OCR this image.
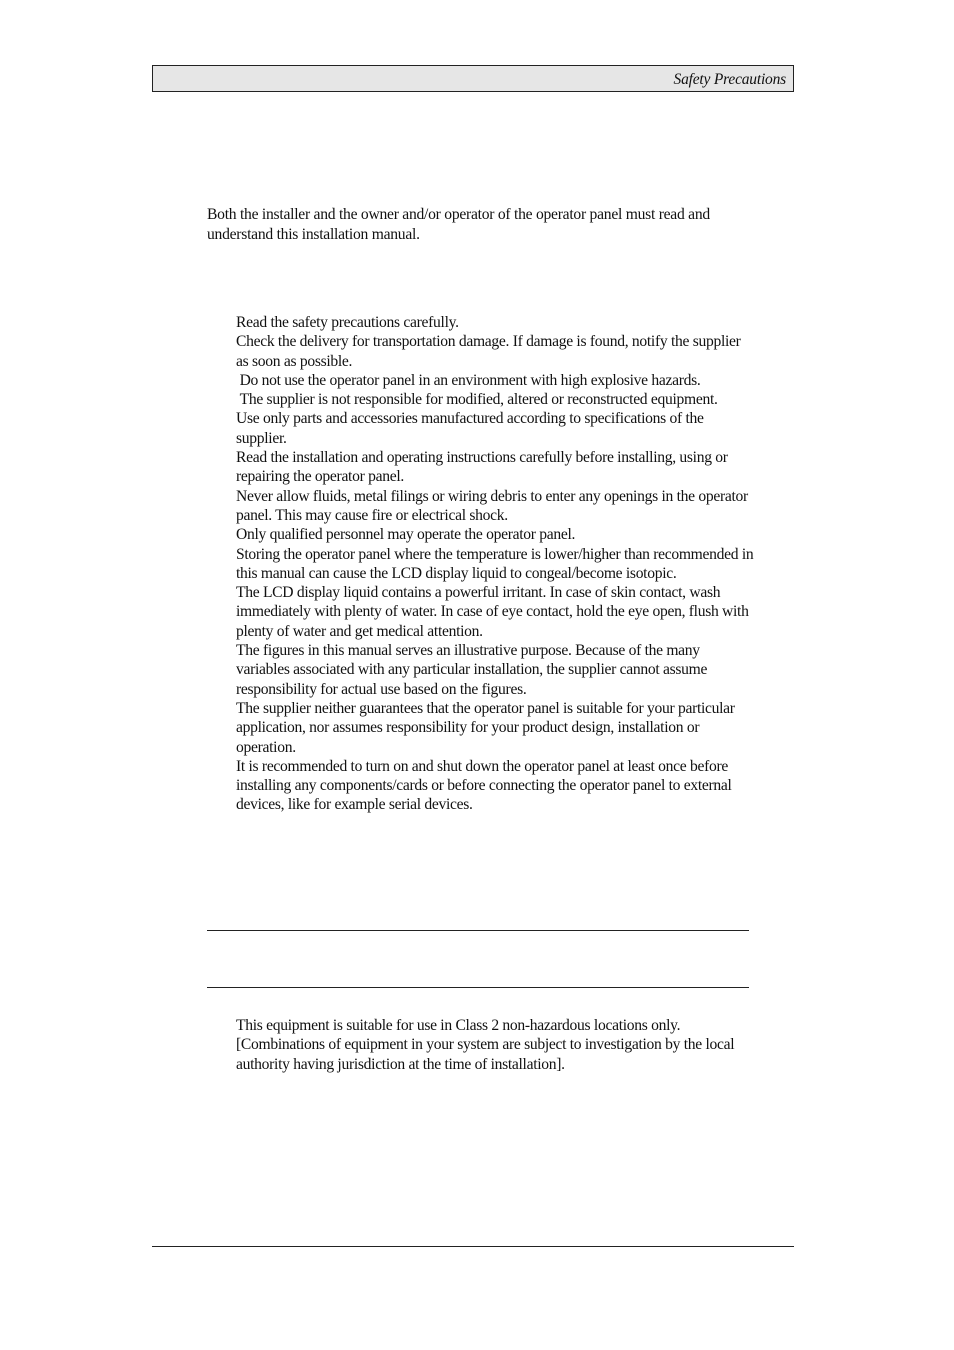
Safety Precautions

Both the installer and the owner and/or operator of the operator panel must read and understand this installation manual.

Read the safety precautions carefully.
Check the delivery for transportation damage. If damage is found, notify the supplier as soon as possible.
Do not use the operator panel in an environment with high explosive hazards.
The supplier is not responsible for modified, altered or reconstructed equipment.
Use only parts and accessories manufactured according to specifications of the supplier.
Read the installation and operating instructions carefully before installing, using or repairing the operator panel.
Never allow fluids, metal filings or wiring debris to enter any openings in the operator panel. This may cause fire or electrical shock.
Only qualified personnel may operate the operator panel.
Storing the operator panel where the temperature is lower/higher than recommended in this manual can cause the LCD display liquid to congeal/become isotopic.
The LCD display liquid contains a powerful irritant. In case of skin contact, wash immediately with plenty of water. In case of eye contact, hold the eye open, flush with plenty of water and get medical attention.
The figures in this manual serves an illustrative purpose. Because of the many variables associated with any particular installation, the supplier cannot assume responsibility for actual use based on the figures.
The supplier neither guarantees that the operator panel is suitable for your particular application, nor assumes responsibility for your product design, installation or operation.
It is recommended to turn on and shut down the operator panel at least once before installing any components/cards or before connecting the operator panel to external devices, like for example serial devices.

This equipment is suitable for use in Class 2 non-hazardous locations only. [Combinations of equipment in your system are subject to investigation by the local authority having jurisdiction at the time of installation].
